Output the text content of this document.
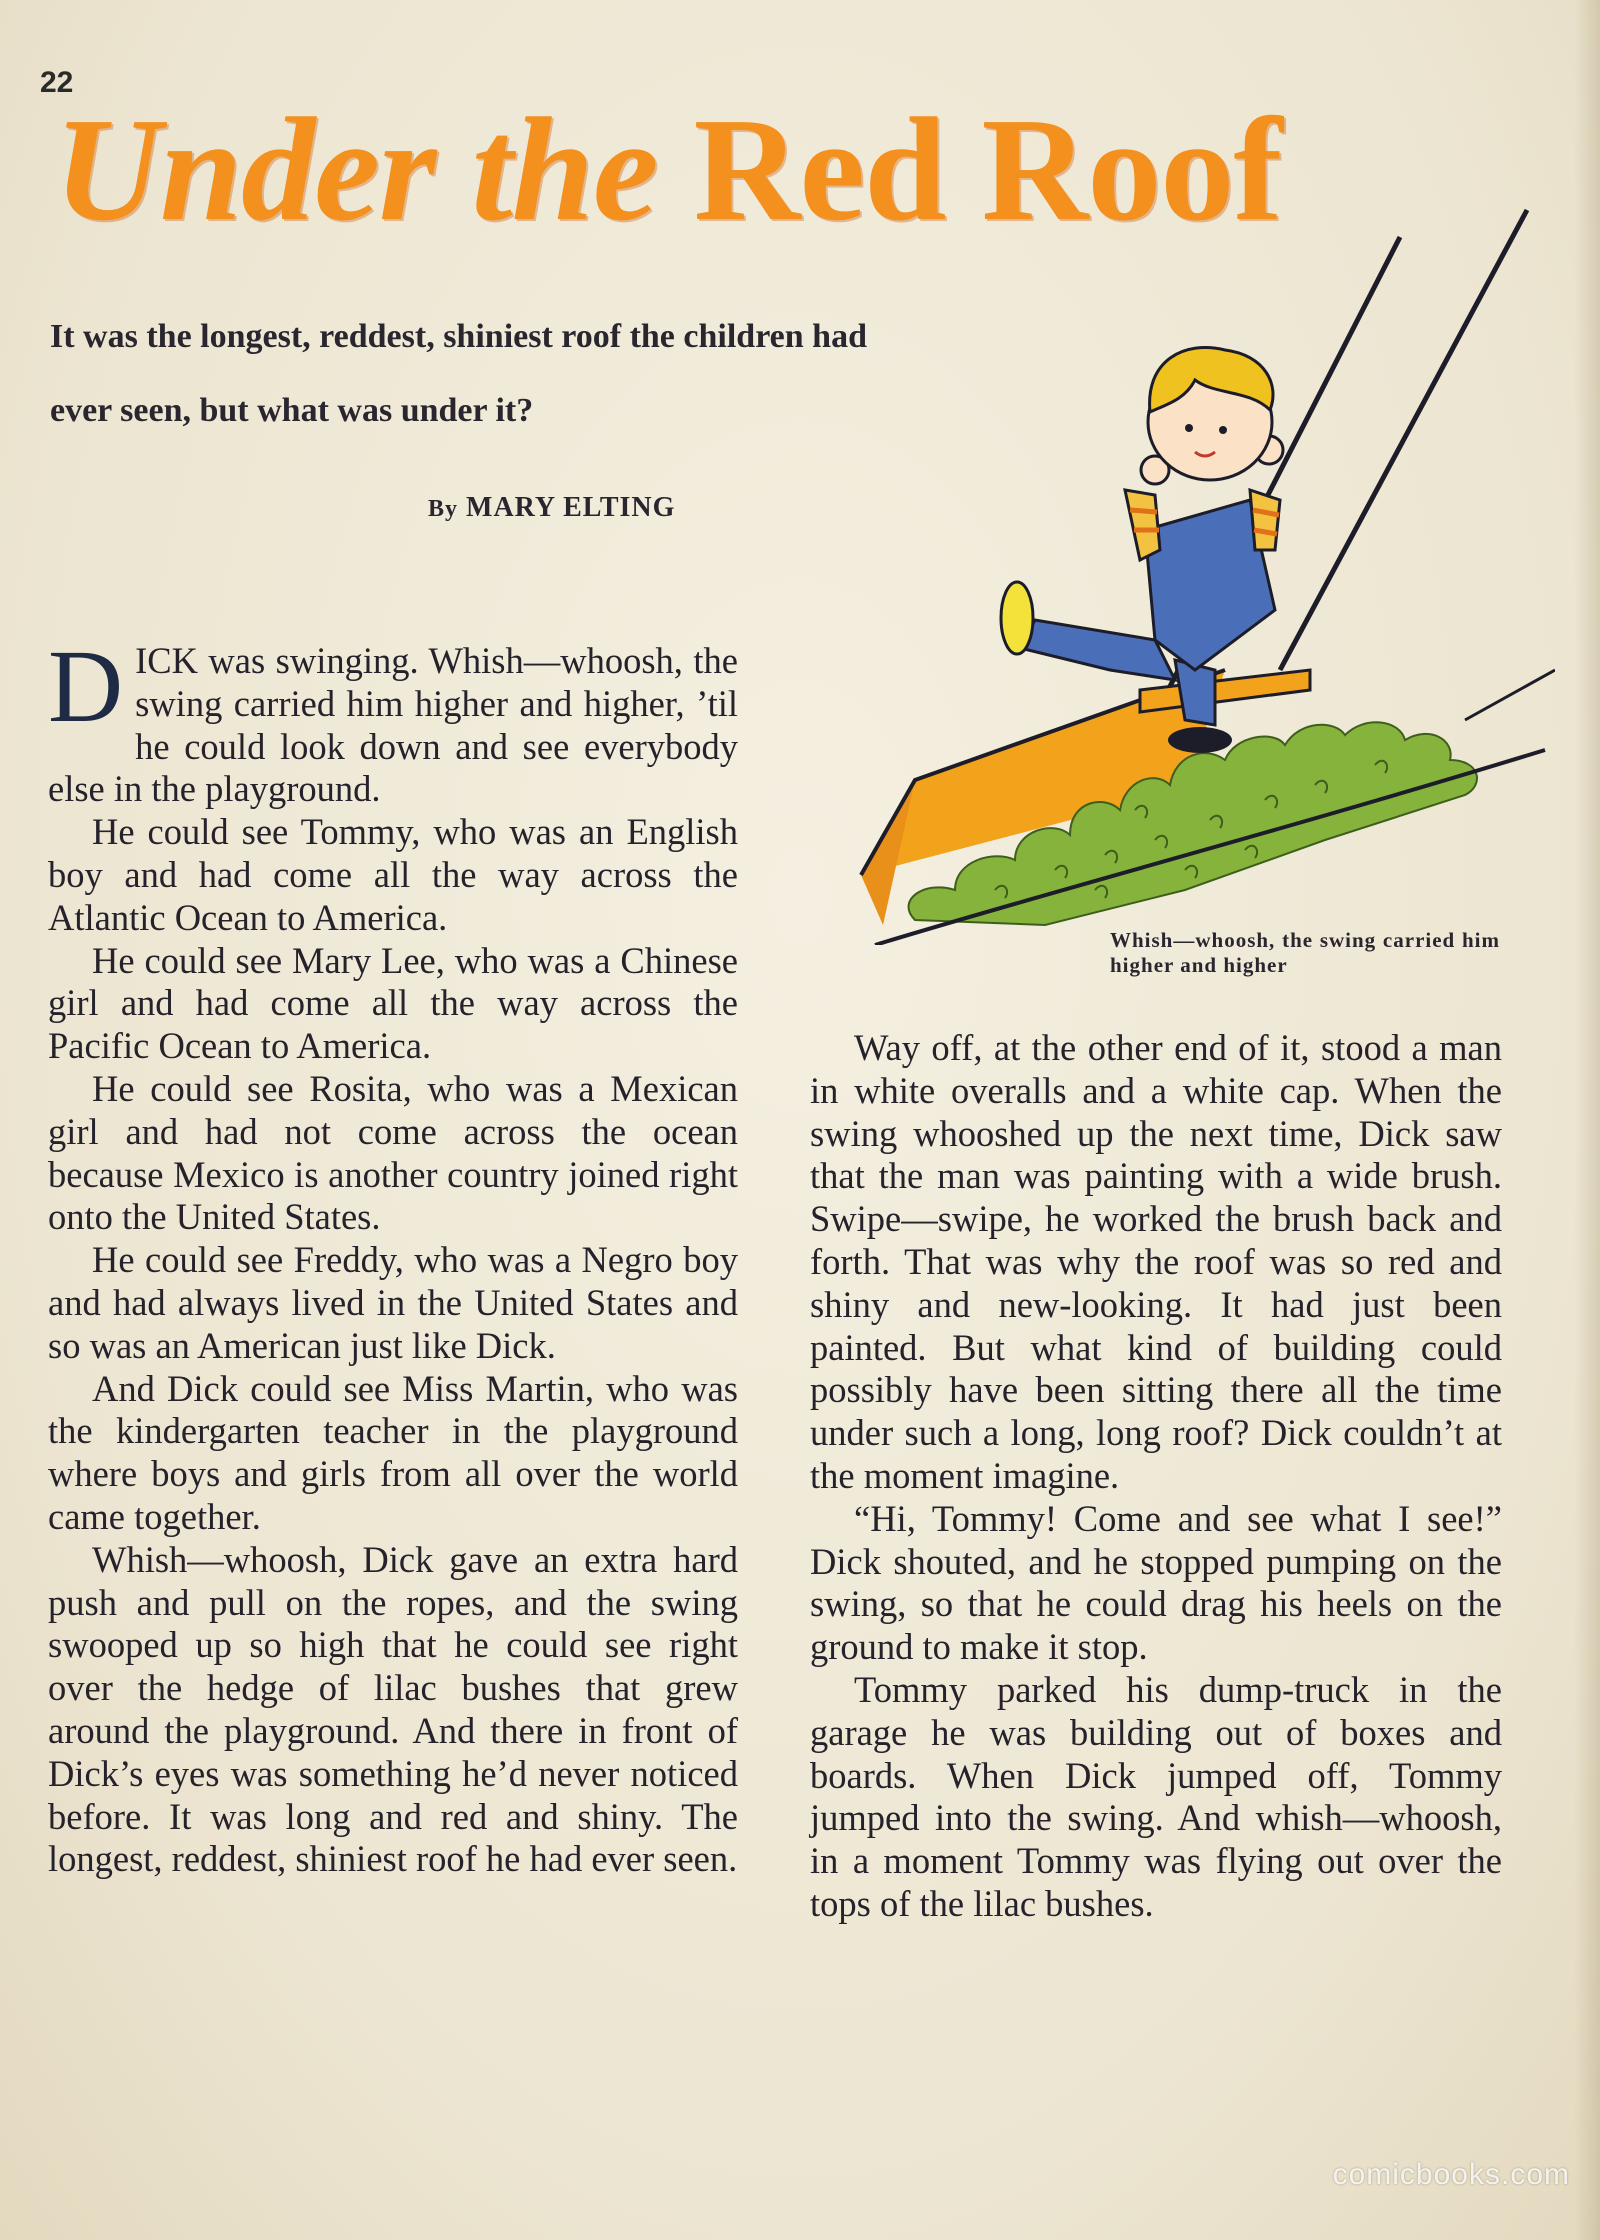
22
Under the Red Roof
It was the longest, reddest, shiniest roof the children had ever seen, but what was under it?
By MARY ELTING
Whish—whoosh, the swing carried him higher and higher

DICK was swinging. Whish—whoosh, the swing carried him higher and higher, ’til he could look down and see everybody else in the playground.

He could see Tommy, who was an English boy and had come all the way across the Atlantic Ocean to America.

He could see Mary Lee, who was a Chinese girl and had come all the way across the Pacific Ocean to America.

He could see Rosita, who was a Mexican girl and had not come across the ocean because Mexico is another country joined right onto the United States.

He could see Freddy, who was a Negro boy and had always lived in the United States and so was an American just like Dick.

And Dick could see Miss Martin, who was the kindergarten teacher in the playground where boys and girls from all over the world came together.

Whish—whoosh, Dick gave an extra hard push and pull on the ropes, and the swing swooped up so high that he could see right over the hedge of lilac bushes that grew around the playground. And there in front of Dick’s eyes was something he’d never noticed before. It was long and red and shiny. The longest, reddest, shiniest roof he had ever seen.

Way off, at the other end of it, stood a man in white overalls and a white cap. When the swing whooshed up the next time, Dick saw that the man was painting with a wide brush. Swipe—swipe, he worked the brush back and forth. That was why the roof was so red and shiny and new-looking. It had just been painted. But what kind of building could possibly have been sitting there all the time under such a long, long roof? Dick couldn’t at the moment imagine.

“Hi, Tommy! Come and see what I see!” Dick shouted, and he stopped pumping on the swing, so that he could drag his heels on the ground to make it stop.

Tommy parked his dump-truck in the garage he was building out of boxes and boards. When Dick jumped off, Tommy jumped into the swing. And whish—whoosh, in a moment Tommy was flying out over the tops of the lilac bushes.

comicbooks.com
